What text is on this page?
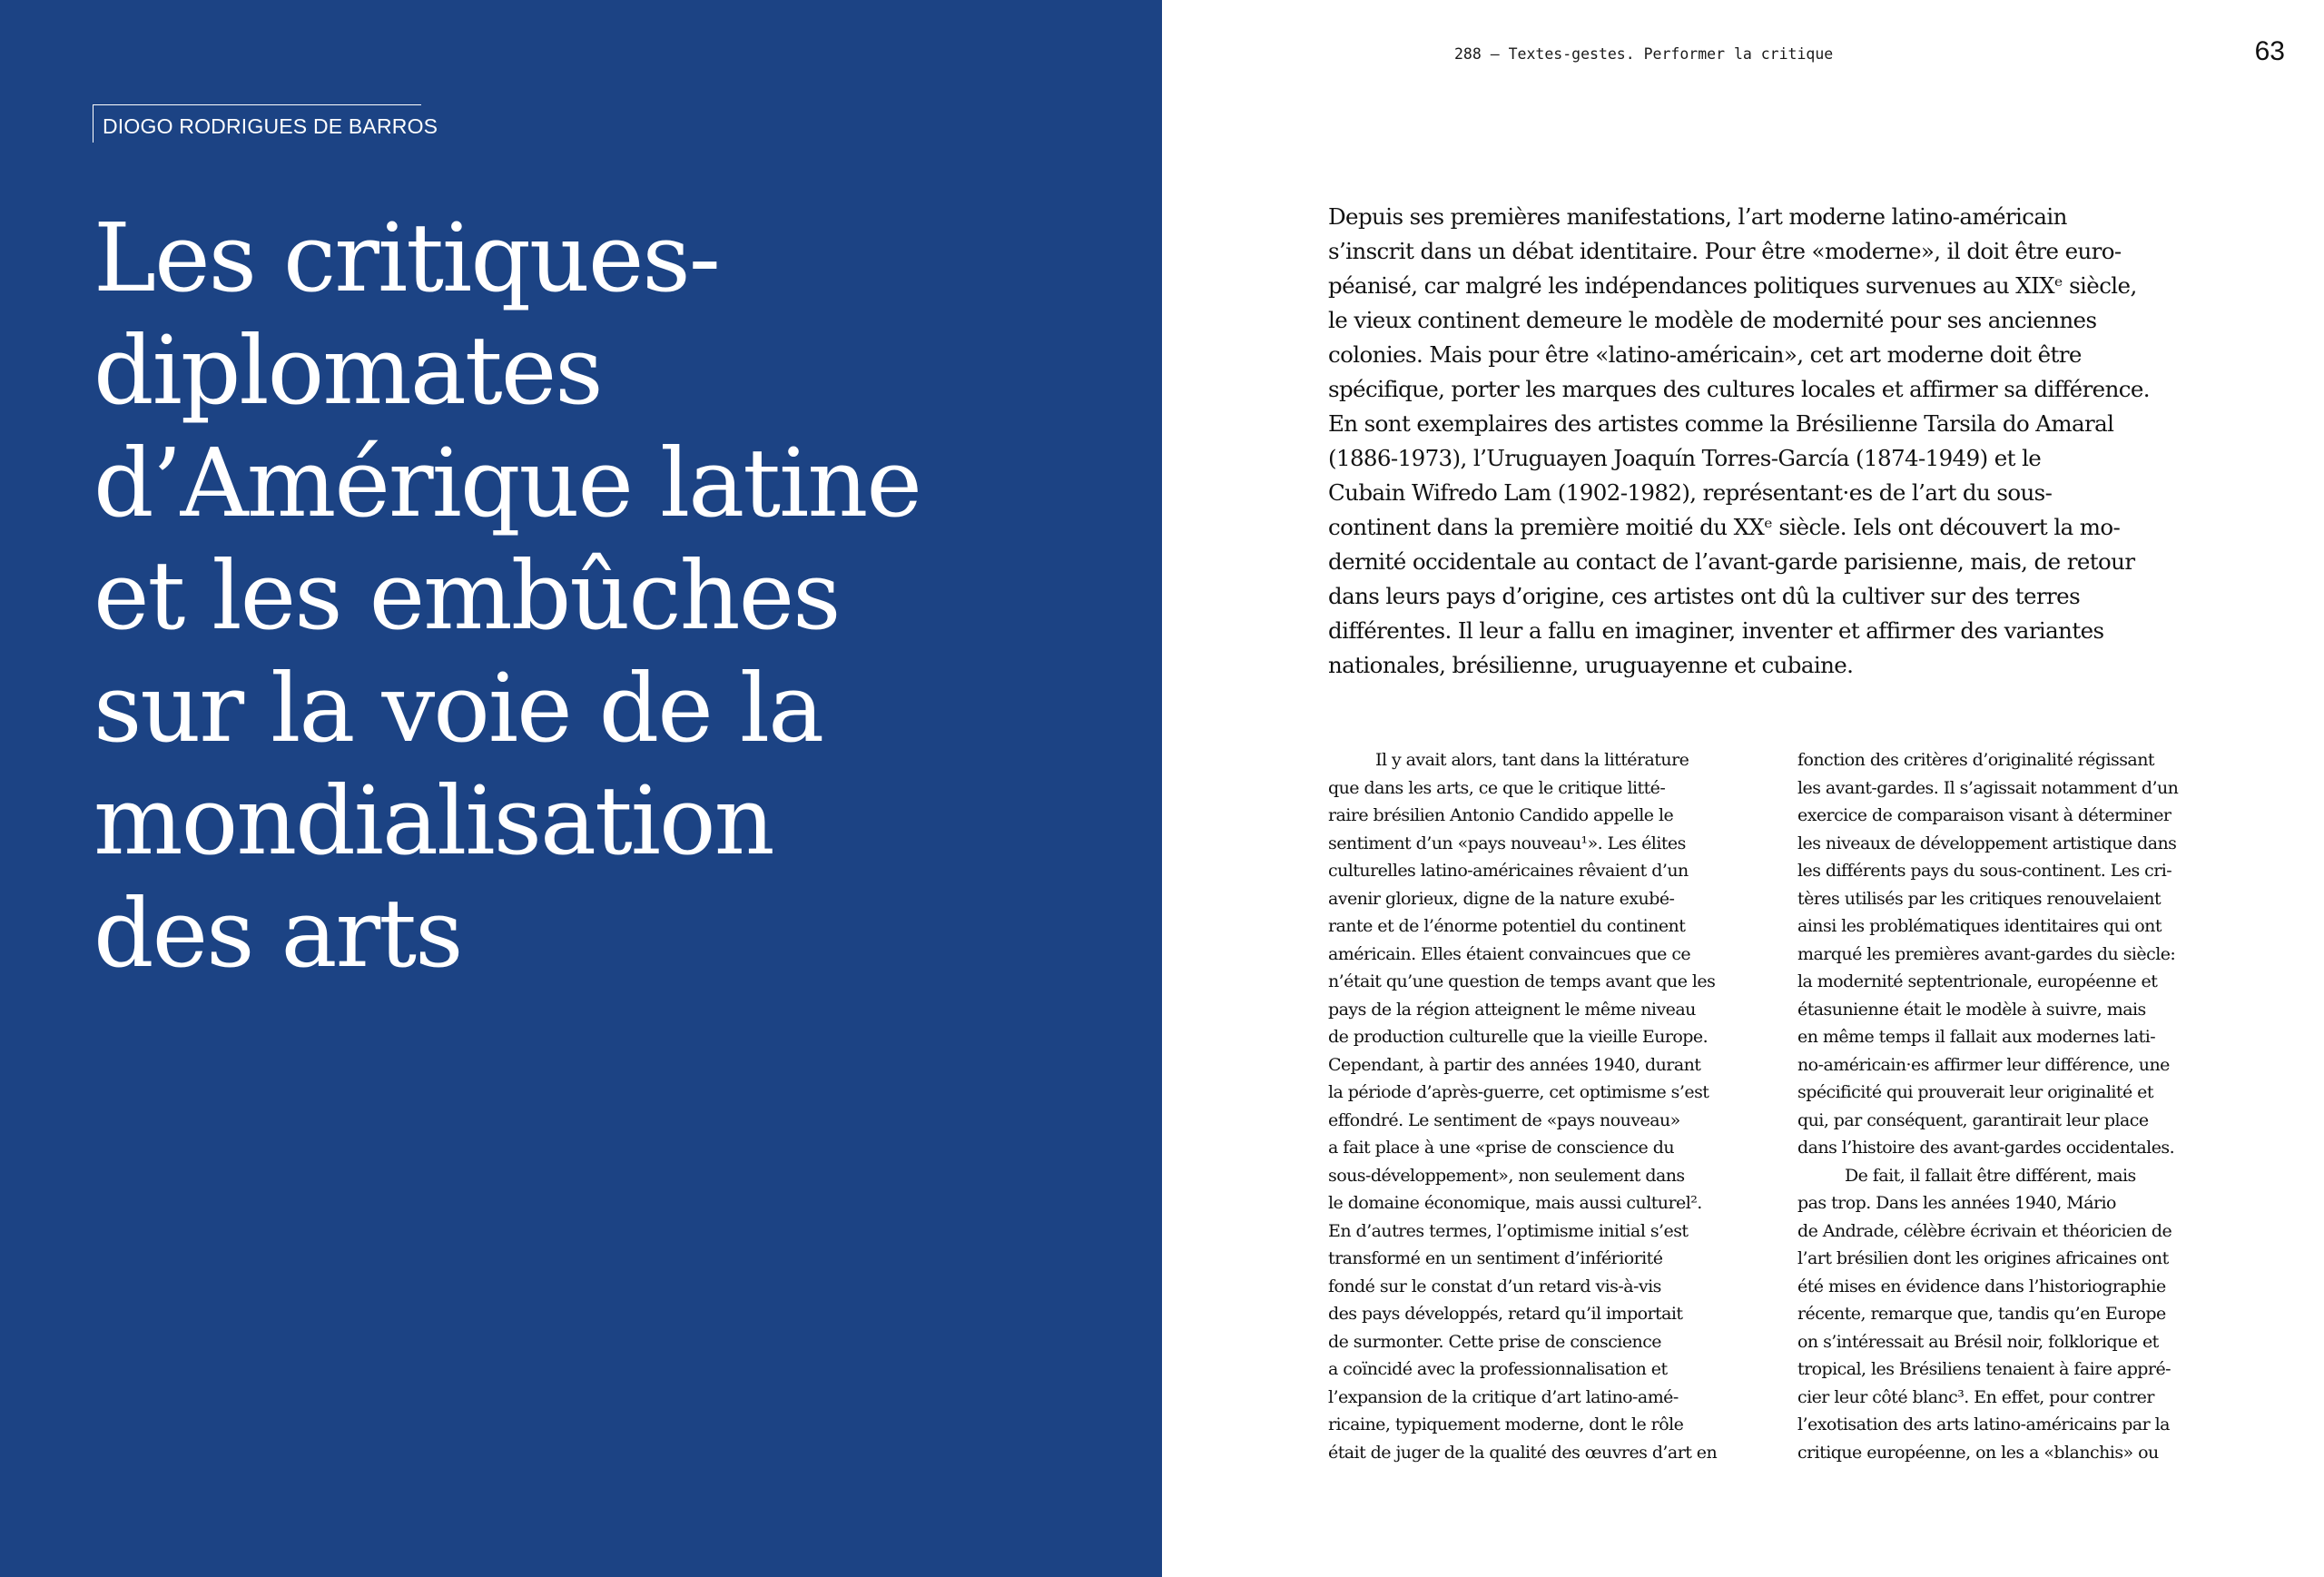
DIOGO RODRIGUES DE BARROS
Les critiques-
diplomates
d’Amérique latine
et les embûches
sur la voie de la
mondialisation
des arts
288 — Textes-gestes. Performer la critique	63
Depuis ses premières manifestations, l’art moderne latino-américain
s’inscrit dans un débat identitaire. Pour être «moderne», il doit être euro-
péanisé, car malgré les indépendances politiques survenues au XIXᵉ siècle,
le vieux continent demeure le modèle de modernité pour ses anciennes
colonies. Mais pour être «latino-américain», cet art moderne doit être
spécifique, porter les marques des cultures locales et affirmer sa différence.
En sont exemplaires des artistes comme la Brésilienne Tarsila do Amaral
(1886-1973), l’Uruguayen Joaquín Torres-García (1874-1949) et le
Cubain Wifredo Lam (1902-1982), représentant·es de l’art du sous-
continent dans la première moitié du XXᵉ siècle. Iels ont découvert la mo-
dernité occidentale au contact de l’avant-garde parisienne, mais, de retour
dans leurs pays d’origine, ces artistes ont dû la cultiver sur des terres
différentes. Il leur a fallu en imaginer, inventer et affirmer des variantes
nationales, brésilienne, uruguayenne et cubaine.
Il y avait alors, tant dans la littérature
que dans les arts, ce que le critique litté-
raire brésilien Antonio Candido appelle le
sentiment d’un «pays nouveau¹». Les élites
culturelles latino-américaines rêvaient d’un
avenir glorieux, digne de la nature exubé-
rante et de l’énorme potentiel du continent
américain. Elles étaient convaincues que ce
n’était qu’une question de temps avant que les
pays de la région atteignent le même niveau
de production culturelle que la vieille Europe.
Cependant, à partir des années 1940, durant
la période d’après-guerre, cet optimisme s’est
effondré. Le sentiment de «pays nouveau»
a fait place à une «prise de conscience du
sous-développement», non seulement dans
le domaine économique, mais aussi culturel².
En d’autres termes, l’optimisme initial s’est
transformé en un sentiment d’infériorité
fondé sur le constat d’un retard vis-à-vis
des pays développés, retard qu’il importait
de surmonter. Cette prise de conscience
a coïncidé avec la professionnalisation et
l’expansion de la critique d’art latino-amé-
ricaine, typiquement moderne, dont le rôle
était de juger de la qualité des œuvres d’art en
fonction des critères d’originalité régissant
les avant-gardes. Il s’agissait notamment d’un
exercice de comparaison visant à déterminer
les niveaux de développement artistique dans
les différents pays du sous-continent. Les cri-
tères utilisés par les critiques renouvelaient
ainsi les problématiques identitaires qui ont
marqué les premières avant-gardes du siècle:
la modernité septentrionale, européenne et
étasunienne était le modèle à suivre, mais
en même temps il fallait aux modernes lati-
no-américain·es affirmer leur différence, une
spécificité qui prouverait leur originalité et
qui, par conséquent, garantirait leur place
dans l’histoire des avant-gardes occidentales.
De fait, il fallait être différent, mais
pas trop. Dans les années 1940, Mário
de Andrade, célèbre écrivain et théoricien de
l’art brésilien dont les origines africaines ont
été mises en évidence dans l’historiographie
récente, remarque que, tandis qu’en Europe
on s’intéressait au Brésil noir, folklorique et
tropical, les Brésiliens tenaient à faire appré-
cier leur côté blanc³. En effet, pour contrer
l’exotisation des arts latino-américains par la
critique européenne, on les a «blanchis» ou
